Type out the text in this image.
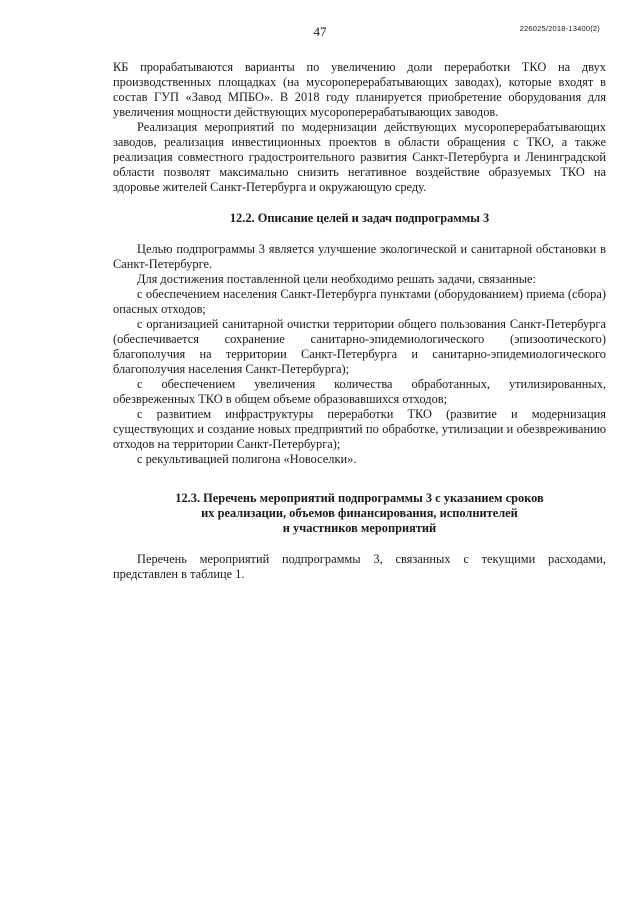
47	226025/2018-13400(2)

КБ прорабатываются варианты по увеличению доли переработки ТКО на двух производственных площадках (на мусороперерабатывающих заводах), которые входят в состав ГУП «Завод МПБО». В 2018 году планируется приобретение оборудования для увеличения мощности действующих мусороперерабатывающих заводов.

Реализация мероприятий по модернизации действующих мусороперерабатывающих заводов, реализация инвестиционных проектов в области обращения с ТКО, а также реализация совместного градостроительного развития Санкт-Петербурга и Ленинградской области позволят максимально снизить негативное воздействие образуемых ТКО на здоровье жителей Санкт-Петербурга и окружающую среду.

12.2. Описание целей и задач подпрограммы 3

Целью подпрограммы 3 является улучшение экологической и санитарной обстановки в Санкт-Петербурге.

Для достижения поставленной цели необходимо решать задачи, связанные:

с обеспечением населения Санкт-Петербурга пунктами (оборудованием) приема (сбора) опасных отходов;

с организацией санитарной очистки территории общего пользования Санкт-Петербурга (обеспечивается сохранение санитарно-эпидемиологического (эпизоотического) благополучия на территории Санкт-Петербурга и санитарно-эпидемиологического благополучия населения Санкт-Петербурга);

с обеспечением увеличения количества обработанных, утилизированных, обезвреженных ТКО в общем объеме образовавшихся отходов;

с развитием инфраструктуры переработки ТКО (развитие и модернизация существующих и создание новых предприятий по обработке, утилизации и обезвреживанию отходов на территории Санкт-Петербурга);

с рекультивацией полигона «Новоселки».

12.3. Перечень мероприятий подпрограммы 3 с указанием сроков
их реализации, объемов финансирования, исполнителей
и участников мероприятий

Перечень мероприятий подпрограммы 3, связанных с текущими расходами, представлен в таблице 1.
